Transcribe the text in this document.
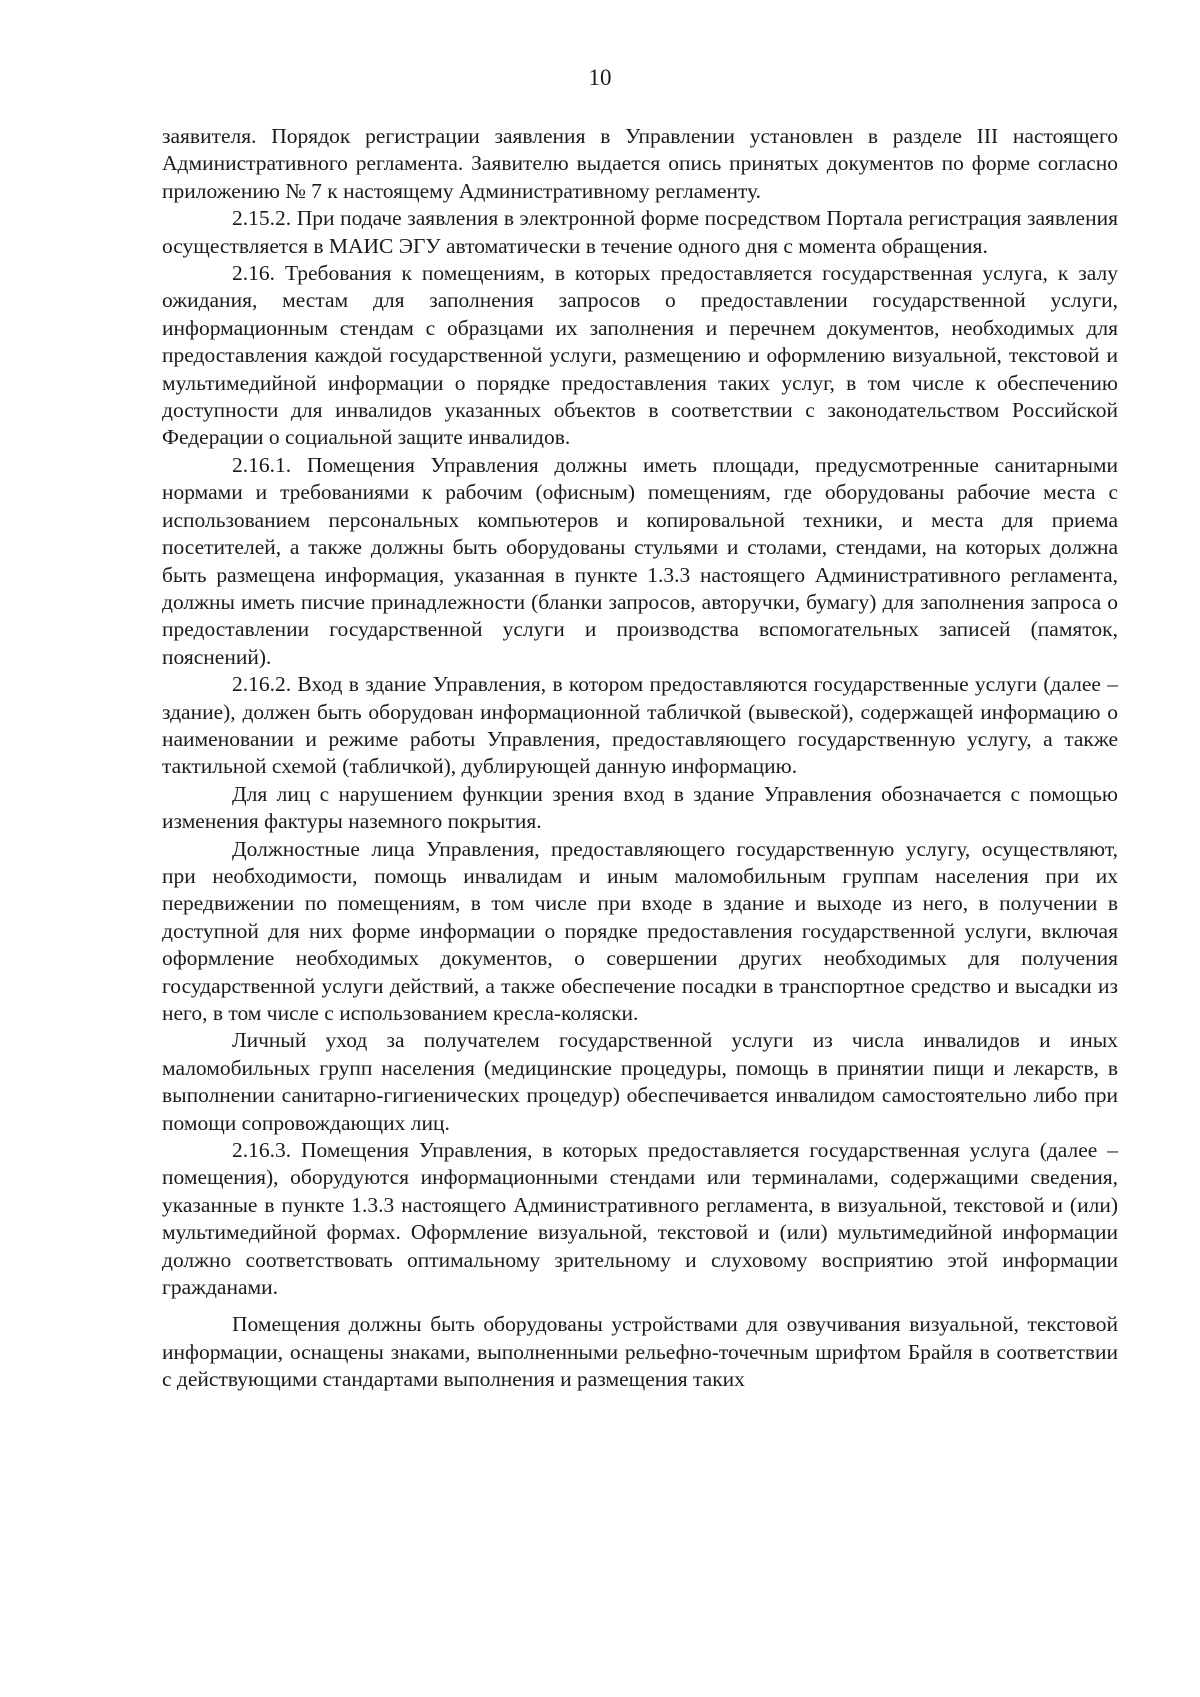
10

заявителя. Порядок регистрации заявления в Управлении установлен в разделе III настоящего Административного регламента. Заявителю выдается опись принятых документов по форме согласно приложению № 7 к настоящему Административному регламенту.

2.15.2. При подаче заявления в электронной форме посредством Портала регистрация заявления осуществляется в МАИС ЭГУ автоматически в течение одного дня с момента обращения.

2.16. Требования к помещениям, в которых предоставляется государственная услуга, к залу ожидания, местам для заполнения запросов о предоставлении государственной услуги, информационным стендам с образцами их заполнения и перечнем документов, необходимых для предоставления каждой государственной услуги, размещению и оформлению визуальной, текстовой и мультимедийной информации о порядке предоставления таких услуг, в том числе к обеспечению доступности для инвалидов указанных объектов в соответствии с законодательством Российской Федерации о социальной защите инвалидов.

2.16.1. Помещения Управления должны иметь площади, предусмотренные санитарными нормами и требованиями к рабочим (офисным) помещениям, где оборудованы рабочие места с использованием персональных компьютеров и копировальной техники, и места для приема посетителей, а также должны быть оборудованы стульями и столами, стендами, на которых должна быть размещена информация, указанная в пункте 1.3.3 настоящего Административного регламента, должны иметь писчие принадлежности (бланки запросов, авторучки, бумагу) для заполнения запроса о предоставлении государственной услуги и производства вспомогательных записей (памяток, пояснений).

2.16.2. Вход в здание Управления, в котором предоставляются государственные услуги (далее – здание), должен быть оборудован информационной табличкой (вывеской), содержащей информацию о наименовании и режиме работы Управления, предоставляющего государственную услугу, а также тактильной схемой (табличкой), дублирующей данную информацию.

Для лиц с нарушением функции зрения вход в здание Управления обозначается с помощью изменения фактуры наземного покрытия.

Должностные лица Управления, предоставляющего государственную услугу, осуществляют, при необходимости, помощь инвалидам и иным маломобильным группам населения при их передвижении по помещениям, в том числе при входе в здание и выходе из него, в получении в доступной для них форме информации о порядке предоставления государственной услуги, включая оформление необходимых документов, о совершении других необходимых для получения государственной услуги действий, а также обеспечение посадки в транспортное средство и высадки из него, в том числе с использованием кресла-коляски.

Личный уход за получателем государственной услуги из числа инвалидов и иных маломобильных групп населения (медицинские процедуры, помощь в принятии пищи и лекарств, в выполнении санитарно-гигиенических процедур) обеспечивается инвалидом самостоятельно либо при помощи сопровождающих лиц.

2.16.3. Помещения Управления, в которых предоставляется государственная услуга (далее – помещения), оборудуются информационными стендами или терминалами, содержащими сведения, указанные в пункте 1.3.3 настоящего Административного регламента, в визуальной, текстовой и (или) мультимедийной формах. Оформление визуальной, текстовой и (или) мультимедийной информации должно соответствовать оптимальному зрительному и слуховому восприятию этой информации гражданами.

Помещения должны быть оборудованы устройствами для озвучивания визуальной, текстовой информации, оснащены знаками, выполненными рельефно-точечным шрифтом Брайля в соответствии с действующими стандартами выполнения и размещения таких
